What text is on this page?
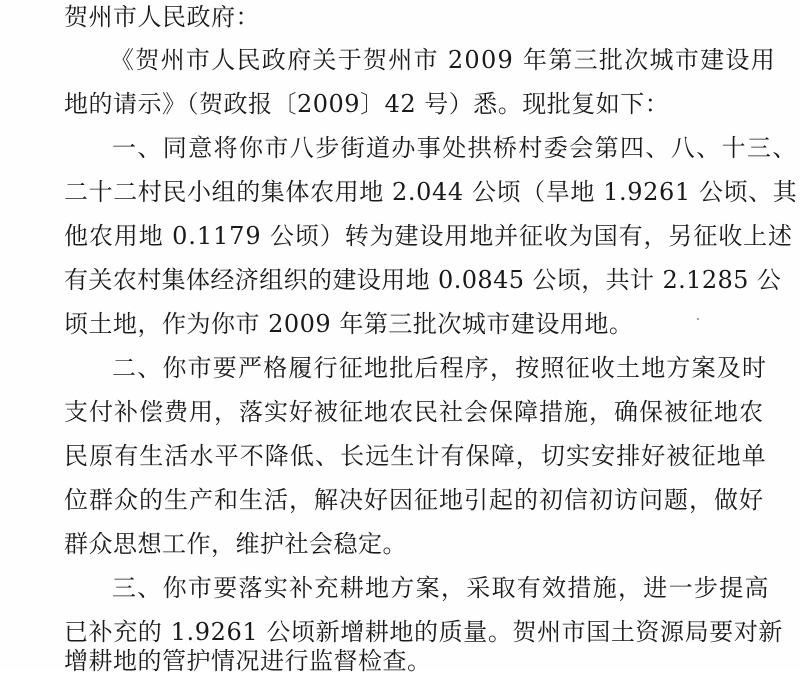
贺州市人民政府：
《贺州市人民政府关于贺州市 2009 年第三批次城市建设用
地的请示》（贺政报〔2009〕42 号）悉。现批复如下：
一、同意将你市八步街道办事处拱桥村委会第四、八、十三、
二十二村民小组的集体农用地 2.044 公顷（旱地 1.9261 公顷、其
他农用地 0.1179 公顷）转为建设用地并征收为国有，另征收上述
有关农村集体经济组织的建设用地 0.0845 公顷，共计 2.1285 公
顷土地，作为你市 2009 年第三批次城市建设用地。
二、你市要严格履行征地批后程序，按照征收土地方案及时
支付补偿费用，落实好被征地农民社会保障措施，确保被征地农
民原有生活水平不降低、长远生计有保障，切实安排好被征地单
位群众的生产和生活，解决好因征地引起的初信初访问题，做好
群众思想工作，维护社会稳定。
三、你市要落实补充耕地方案，采取有效措施，进一步提高
已补充的 1.9261 公顷新增耕地的质量。贺州市国土资源局要对新
增耕地的管护情况进行监督检查。
